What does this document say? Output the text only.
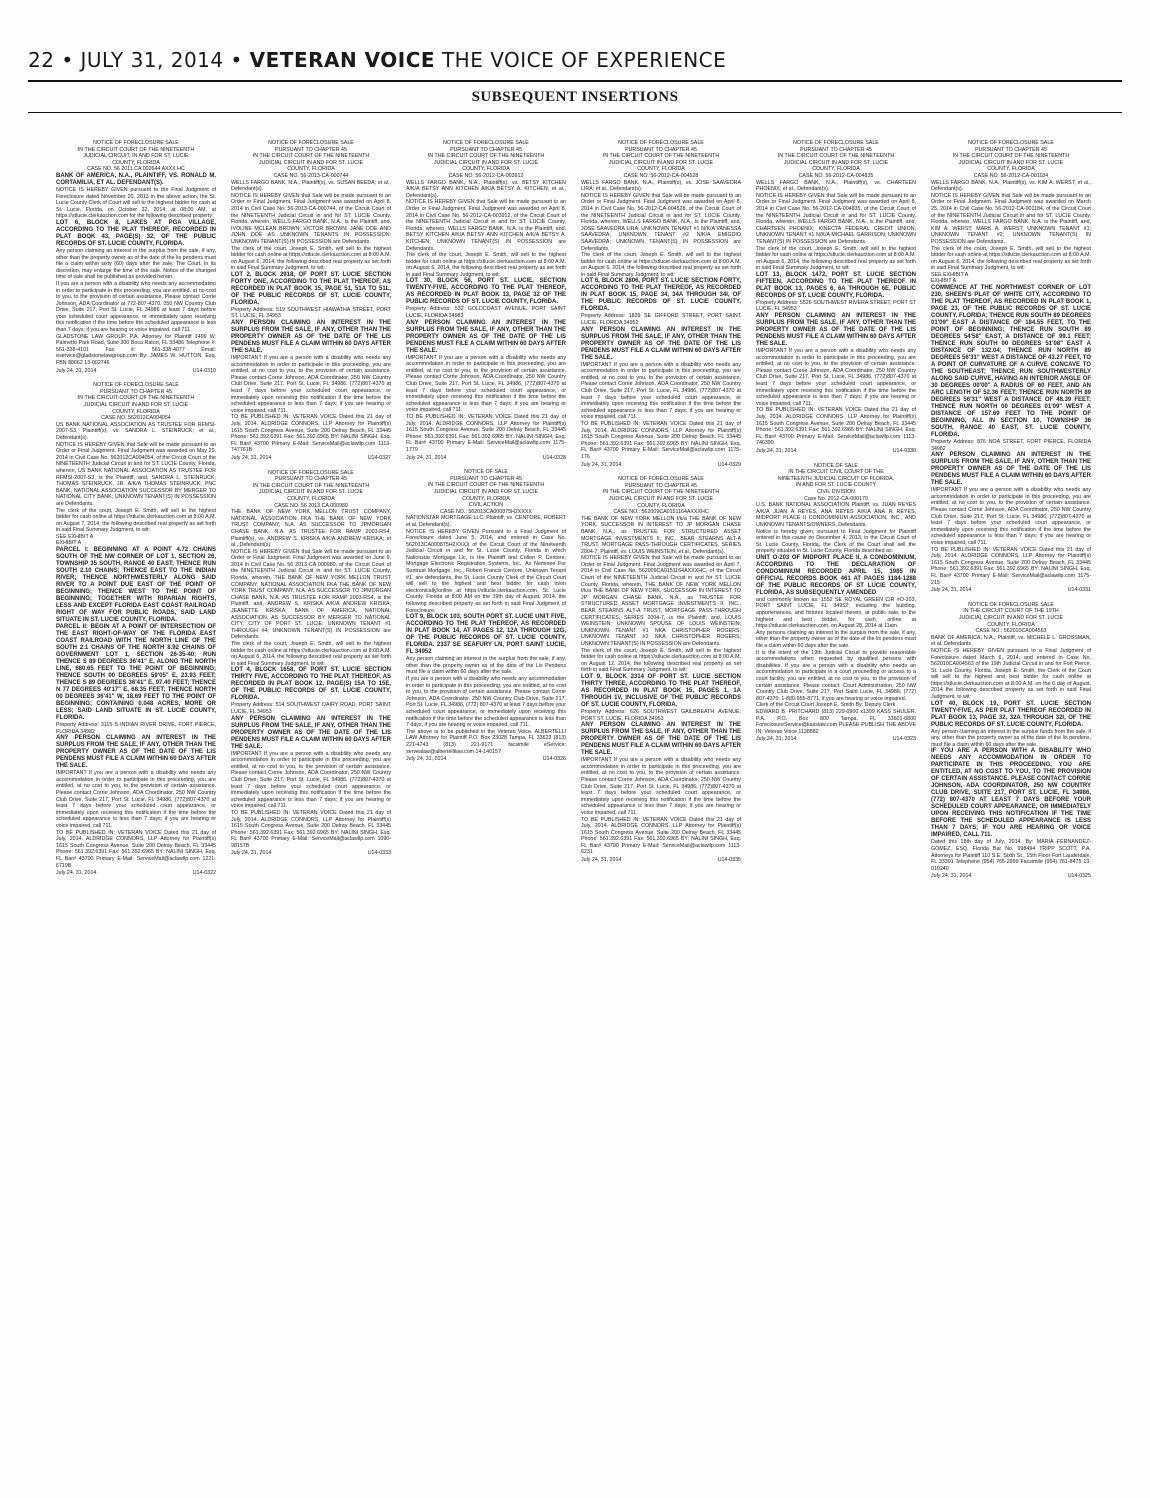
22 • JULY 31, 2014 • VETERAN VOICE THE VOICE OF EXPERIENCE
SUBSEQUENT INSERTIONS
NOTICE OF FORECLOSURE SALE
IN THE CIRCUIT COURT OF THE NINETEENTH
JUDICIAL CIRCUIT, IN AND FOR ST. LUCIE
COUNTY, FLORIDA
CASE NO. 56 2011 CA 002644 AXXX HC

BANK OF AMERICA, N.A., PLAINTIFF, VS. RONALD M. CORTAMILIA, ET AL. DEFENDANT(S).

NOTICE IS HEREBY GIVEN pursuant to the Final Judgment of Foreclosure dated November 20, 2013 in the above action, the St. Lucie County Clerk of Court will sell to the highest bidder for cash at St. Lucie, Florida, on October 22, 2014, at 08:00 AM, at https://stlucie.clerkauction.com for the following described property:

LOT 6, BLOCK 8, LAKES AT PGA VILLAGE, ACCORDING TO THE PLAT THEREOF, RECORDED IN PLAT BOOK 43, PAGE(S) 32, OF THE PUBLIC RECORDS OF ST. LUCIE COUNTY, FLORIDA.

Any person claiming an interest in the surplus from the sale, if any, other than the property owner as of the date of the lis pendens must file a claim within sixty (60) days after the sale. The Court, in its discretion, may enlarge the time of the sale. Notice of the changed time of sale shall be published as provided herein.

If you are a person with a disability who needs any accommodation in order to participate in this proceeding, you are entitled, at no cost to you, to the provision of certain assistance. Please contact Corrie Johnson, ADA Coordinator at 772-807-4370, 250 NW Country Club Drive, Suite 217, Port St. Lucie, FL 34986 at least 7 days before your scheduled court appearance, or immediately upon receiving this notification if the time before the scheduled appearance is less than 7 days; if you are hearing or voice impaired, call 711.

GLADSTONE LAW GROUP, P.A. Attorney for Plaintiff 1499 W. Palmetto Park Road, Suite 300 Boca Raton, FL 33486 Telephone #: 561-338-4101 Fax #: 561-338-4077 Email: eservice@gladstonelawgroup.com By: JAMES W. HUTTON, Esq. FBN 88662 13-002746

July 24, 31, 2014	U14-0310
NOTICE OF FORECLOSURE SALE
PURSUANT TO CHAPTER 45
IN THE CIRCUIT COURT OF THE NINETEENTH
JUDICIAL CIRCUIT IN AND FOR ST. LUCIE
COUNTY, FLORIDA
CASE NO. 562012CA004054

US BANK NATIONAL ASSOCIATION AS TRUSTEE FOR RFMSI-2007-S3, Plaintiff(s), vs. SANDRA L. STEINRUCK; et al., Defendant(s).

NOTICE IS HEREBY GIVEN that Sale will be made pursuant to an Order or Final Judgment. Final Judgment was awarded on May 29, 2014 in Civil Case No. 562012CA004054, of the Circuit Court of the NINETEENTH Judicial Circuit in and for ST. LUCIE County, Florida, wherein, US BANK NATIONAL ASSOCIATION AS TRUSTEE FOR RFMSI-2007-S3, is the Plaintiff, and, SANDRA L. STEINRUCK; THOMAS STEINRUCK, JR. A/K/A THOMAS STEINRUCK; PNC BANK, NATIONAL ASSOCIATION SUCCESSOR BY MERGER TO NATIONAL CITY BANK; UNKNOWN TENANT(S) IN POSSESSION are Defendants.

The clerk of the court, Joseph E. Smith, will sell to the highest bidder for cash online at https://stlucie.clerkauction.com at 8:00 A.M. on August 7, 2014, the following described real property as set forth in said Final Summary Judgment, to wit:

SEE EXHIBIT A

EXHIBIT A

PARCEL I: BEGINNING AT A POINT 4.72 CHAINS SOUTH OF THE NW CORNER OF LOT 1, SECTION 26, TOWNSHIP 35 SOUTH, RANGE 40 EAST; THENCE RUN SOUTH 2.10 CHAINS; THENCE EAST TO THE INDIAN RIVER; THENCE NORTHWESTERLY ALONG SAID RIVER TO A POINT DUE EAST OF THE POINT OF BEGINNING; THENCE WEST TO THE POINT OF BEGINNING; TOGETHER WITH RIPARIAN RIGHTS, LESS AND EXCEPT FLORIDA EAST COAST RAILROAD RIGHT OF WAY FOR PUBLIC ROADS, SAID LAND SITUATE IN ST. LUCIE COUNTY, FLORIDA.

PARCEL II: BEGIN AT A POINT OF INTERSECTION OF THE EAST RIGHT-OF-WAY OF THE FLORIDA EAST COAST RAILROAD WITH THE NORTH LINE OF THE SOUTH 2.1 CHAINS OF THE NORTH 8.92 CHAINS OF GOVERNMENT LOT 1, SECTION 26-35-40; RUN THENCE S 89 DEGREES 36'41" E, ALONG THE NORTH LINE, 680.65 FEET TO THE POINT OF BEGINNING; THENCE SOUTH 00 DEGREES 59'05" E, 23.93 FEET; THENCE S 89 DEGREES 36'41" E, 97.40 FEET; THENCE N 77 DEGREES 40'17" E, 68.35 FEET; THENCE NORTH 00 DEGREES 36'41" W, 18.69 FEET TO THE POINT OF BEGINNING; CONTAINING 0.048 ACRES, MORE OR LESS; SAID LAND SITUATE IN ST. LUCIE COUNTY, FLORIDA.

Property Address: 3115 S INDIAN RIVER DRIVE, FORT PIERCE, FLORIDA 34982

ANY PERSON CLAIMING AN INTEREST IN THE SURPLUS FROM THE SALE, IF ANY, OTHER THAN THE PROPERTY OWNER AS OF THE DATE OF THE LIS PENDENS MUST FILE A CLAIM WITHIN 60 DAYS AFTER THE SALE.

IMPORTANT If you are a person with a disability who needs any accommodation in order to participate in this proceeding, you are entitled, at no cost to you, to the provision of certain assistance. Please contact Corrie Johnson, ADA Coordinator, 250 NW Country Club Drive, Suite 217, Port St. Lucie, FL 34986, (772)807-4370 at least 7 days before your scheduled court appearance, or immediately upon receiving this notification if the time before the scheduled appearance is less than 7 days; if you are hearing or voice impaired, call 711.

TO BE PUBLISHED IN: VETERAN VOICE Dated this 21 day of July, 2014. ALDRIDGE CONNORS, LLP Attorney for Plaintiff(s) 1615 South Congress Avenue, Suite 200 Delray Beach, FL 33445 Phone: 561.392.6391 Fax: 561.392.6965 BY: NALINI SINGH, Esq. FL Bar# 43700 Primary E-Mail: ServiceMail@aclawllp.com 1221-6719B

July 24, 31, 2014	U14-0322
NOTICE OF FORECLOSURE SALE
PURSUANT TO CHAPTER 45
IN THE CIRCUIT COURT OF THE NINETEENTH
JUDICIAL CIRCUIT IN AND FOR ST. LUCIE
COUNTY, FLORIDA
CASE NO. 56-2013-CA-000744

WELLS FARGO BANK, N.A., Plaintiff(s), vs. SUSAN BEEDA; et al., Defendant(s).

NOTICE IS HEREBY GIVEN that Sale will be made pursuant to an Order or Final Judgment. Final Judgment was awarded on April 8, 2014 in Civil Case No. 56-2013-CA-000744, of the Circuit Court of the NINETEENTH Judicial Circuit in and for ST. LUCIE County, Florida, wherein, WELLS FARGO BANK, N.A., is the Plaintiff, and, IVOLINE MCLEAN BROWN; VICTOR BROWN; JANE DOE AND JOHN DOE AS UNKNOWN TENANTS IN POSSESSION; UNKNOWN TENANT(S) IN POSSESSION are Defendants.

The clerk of the court, Joseph E. Smith, will sell to the highest bidder for cash online at https://stlucie.clerkauction.com at 8:00 A.M. on August 6, 2014, the following described real property as set forth in said Final Summary Judgment, to wit:

LOT 2, BLOCK 2918, OF PORT ST. LUCIE SECTION FORTY ONE, ACCORDING TO THE PLAT THEREOF, AS RECORDED IN PLAT BOOK 15, PAGE 51, 51A TO 51L, OF THE PUBLIC RECORDS OF ST. LUCIE COUNTY, FLORIDA.

Property Address: 519 SOUTHWEST HIAWATHA STREET, PORT ST. LUCIE, FL 34953

ANY PERSON CLAIMING AN INTEREST IN THE SURPLUS FROM THE SALE, IF ANY, OTHER THAN THE PROPERTY OWNER AS OF THE DATE OF THE LIS PENDENS MUST FILE A CLAIM WITHIN 60 DAYS AFTER THE SALE.

IMPORTANT If you are a person with a disability who needs any accommodation in order to participate in this proceeding, you are entitled, at no cost to you, to the provision of certain assistance. Please contact Corrie Johnson, ADA Coordinator, 250 NW Country Club Drive, Suite 217, Port St. Lucie, FL 34986, (772)807-4370 at least 7 days before your scheduled court appearance, or immediately upon receiving this notification if the time before the scheduled appearance is less than 7 days; if you are hearing or voice impaired, call 711.

TO BE PUBLISHED IN: VETERAN VOICE Dated this 21 day of July, 2014. ALDRIDGE CONNORS, LLP Attorney for Plaintiff(s) 1615 South Congress Avenue, Suite 200 Delray Beach, FL 33445 Phone: 561.392.6391 Fax: 561.392.6965 BY: NALINI SINGH, Esq. FL Bar# 43700 Primary E-Mail: ServiceMail@aclawllp.com 1113-747761B

July 24, 31, 2014	U14-0327
NOTICE OF FORECLOSURE SALE
PURSUANT TO CHAPTER 45
IN THE CIRCUIT COURT OF THE NINETEENTH
JUDICIAL CIRCUIT IN AND FOR ST. LUCIE
COUNTY, FLORIDA
CASE NO. 56 2013 CA 000980

THE BANK OF NEW YORK MELLON TRUST COMPANY, NATIONAL ASSOCIATION FKA THE BANK OF NEW YORK TRUST COMPANY, N.A. AS SUCCESSOR TO JPMORGAN CHASE BANK, N.A. AS TRUSTEE FOR RAMP 2003-RS4, Plaintiff(s), vs. ANDREW S. KRISKA A/K/A ANDREW KRISKA; et al., Defendant(s).

NOTICE IS HEREBY GIVEN that Sale will be made pursuant to an Order or Final Judgment. Final Judgment was awarded on June 9, 2014 in Civil Case No. 56 2013 CA 000980, of the Circuit Court of the NINETEENTH Judicial Circuit in and for ST. LUCIE County, Florida, wherein, THE BANK OF NEW YORK MELLON TRUST COMPANY, NATIONAL ASSOCIATION FKA THE BANK OF NEW YORK TRUST COMPANY, N.A. AS SUCCESSOR TO JPMORGAN CHASE BANK, N.A. AS TRUSTEE FOR RAMP 2003-RS4, is the Plaintiff, and, ANDREW S. KRISKA A/K/A ANDREW KRISKA; JEANETTE KRISKA; BANK OF AMERICA, NATIONAL ASSOCIATION, AS SUCCESSOR BY MERGER TO NATIONAL CITY; CITY OF PORT ST. LUCIE; UNKNOWN TENANT #1 THROUGH #4; UNKNOWN TENANT(S) IN POSSESSION are Defendants.

The clerk of the court, Joseph E. Smith, will sell to the highest bidder for cash online at https://stlucie.clerkauction.com at 8:00 A.M. on August 6, 2014, the following described real property as set forth in said Final Summary Judgment, to wit:

LOT 4, BLOCK 1658, OF PORT ST. LUCIE SECTION THIRTY FIVE, ACCORDING TO THE PLAT THEREOF, AS RECORDED IN PLAT BOOK 12, PAGE(S) 15A TO 15E, OF THE PUBLIC RECORDS OF ST. LUCIE COUNTY, FLORIDA.

Property Address: 514 SOUTHWEST DAIRY ROAD, PORT SAINT LUCIE, FL 34953

ANY PERSON CLAIMING AN INTEREST IN THE SURPLUS FROM THE SALE, IF ANY, OTHER THAN THE PROPERTY OWNER AS OF THE DATE OF THE LIS PENDENS MUST FILE A CLAIM WITHIN 60 DAYS AFTER THE SALE.

IMPORTANT If you are a person with a disability who needs any accommodation in order to participate in this proceeding, you are entitled, at no cost to you, to the provision of certain assistance. Please contact Corrie Johnson, ADA Coordinator, 250 NW Country Club Drive, Suite 217, Port St. Lucie, FL 34986, (772)807-4370 at least 7 days before your scheduled court appearance, or immediately upon receiving this notification if the time before the scheduled appearance is less than 7 days; if you are hearing or voice impaired, call 711.

TO BE PUBLISHED IN: VETERAN VOICE Dated this 21 day of July, 2014. ALDRIDGE CONNORS, LLP Attorney for Plaintiff(s) 1615 South Congress Avenue, Suite 200 Delray Beach, FL 33445 Phone: 561.392.6391 Fax: 561.392.6965 BY: NALINI SINGH, Esq. FL Bar# 43700 Primary E-Mail: ServiceMail@aclawllp.com 1090-98157B

July 24, 31, 2014	U14-0333
NOTICE OF FORECLOSURE SALE
PURSUANT TO CHAPTER 45
IN THE CIRCUIT COURT OF THE NINETEENTH
JUDICIAL CIRCUIT IN AND FOR ST. LUCIE
COUNTY, FLORIDA
CASE NO. 56-2012-CA-003912

WELLS FARGO BANK, N.A., Plaintiff(s), vs. BETSY KITCHEN A/K/A BETSY ANN KITCHEN A/K/A BETSY A. KITCHEN; et al., Defendant(s).

NOTICE IS HEREBY GIVEN that Sale will be made pursuant to an Order or Final Judgment. Final Judgment was awarded on April 8, 2014 in Civil Case No. 56-2012-CA-003912, of the Circuit Court of the NINETEENTH Judicial Circuit in and for ST. LUCIE County, Florida, wherein, WELLS FARGO BANK, N.A. is the Plaintiff, and, BETSY KITCHEN A/K/A BETSY ANN KITCHEN A/K/A BETSY A. KITCHEN; UNKNOWN TENANT(S) IN POSSESSION are Defendants.

The clerk of the court, Joseph E. Smith, will sell to the highest bidder for cash online at https://stlucie.clerkauction.com at 8:00 A.M. on August 6, 2014, the following described real property as set forth in said Final Summary Judgment, to wit:

LOT 30, BLOCK 56, PORT ST. LUCIE, SECTION TWENTY-FIVE, ACCORDING TO THE PLAT THEREOF, AS RECORDED IN PLAT BOOK 13, PAGE 32 OF THE PUBLIC RECORDS OF ST. LUCIE COUNTY, FLORIDA.

Property Address: 532 GOLDCOAST AVENUE, PORT SAINT LUCIE, FLORIDA 34983

ANY PERSON CLAIMING AN INTEREST IN THE SURPLUS FROM THE SALE, IF ANY, OTHER THAN THE PROPERTY OWNER AS OF THE DATE OF THE LIS PENDENS MUST FILE A CLAIM WITHIN 60 DAYS AFTER THE SALE.

IMPORTANT If you are a person with a disability who needs any accommodation in order to participate in this proceeding, you are entitled, at no cost to you, to the provision of certain assistance. Please contact Corrie Johnson, ADA Coordinator, 250 NW Country Club Drive, Suite 217, Port St. Lucie, FL 34986, (772)807-4370 at least 7 days before your scheduled court appearance, or immediately upon receiving this notification if the time before the scheduled appearance is less than 7 days; if you are hearing or voice impaired, call 711.

TO BE PUBLISHED IN: VETERAN VOICE Dated this 21 day of July, 2014. ALDRIDGE CONNORS, LLP Attorney for Plaintiff(s) 1615 South Congress Avenue, Suite 200 Delray Beach, FL 33445 Phone: 561.392.6391 Fax: 561.392.6965 BY: NALINI SINGH, Esq. FL Bar# 43700 Primary E-Mail: ServiceMail@aclawllp.com 1175-1779

July 24, 31, 2014	U14-0328
NOTICE OF SALE
PURSUANT TO CHAPTER 45
IN THE CIRCUIT COURT OF THE NINETEENTH
JUDICIAL CIRCUIT IN AND FOR ST. LUCIE
COUNTY, FLORIDA
CIVIL ACTION
CASE NO.: 562013CA000875H2XXXX

NATIONSTAR MORTGAGE LLC, Plaintiff, vs. CENTORE, ROBERT et al, Defendant(s).

NOTICE IS HEREBY GIVEN Pursuant to a Final Judgment of Foreclosure dated June 5, 2014, and entered in Case No. 562013CA000875H2XXXX of the Circuit Court of the Nineteenth Judicial Circuit in and for St. Lucie County, Florida in which Nationstar Mortgage Llc, is the Plaintiff and Collen P. Centore, Mortgage Electronic Registration Systems, Inc., As Nominee For Suntrust Mortgage, Inc., Robert Francis Centore, Unknown Tenant #1, are defendants, the St. Lucie County Clerk of the Circuit Court will sell to the highest and best bidder for cash in/on electronically/online at https://stlucie.clerkauction.com, St. Lucie County, Florida at 8:00 AM on the 19th day of August, 2014, the following described property as set forth in said Final Judgment of Foreclosure:

LOT 9, BLOCK 103, SOUTH PORT ST. LUCIE UNIT FIVE, ACCORDING TO THE PLAT THEREOF, AS RECORDED IN PLAT BOOK 14, AT PAGES 12, 12A THROUGH 12G, OF THE PUBLIC RECORDS OF ST. LUCIE COUNTY, FLORIDA. 2337 SE SEAFURY LN, PORT SAINT LUCIE, FL 34952

Any person claiming an interest in the surplus from the sale, if any, other than the property owner as of the date of the Lis Pendens must file a claim within 60 days after the sale.

If you are a person with a disability who needs any accommodation in order to participate in this proceeding, you are entitled, at no cost to you, to the provision of certain assistance. Please contact Corrie Johnson, ADA Coordinator, 250 NW Country Club Drive, Suite 217, Port St. Lucie, FL 34986, (772) 807-4370 at least 7 days before your scheduled court appearance, or immediately upon receiving this notification if the time before the scheduled appearance is less than 7 days; if you are hearing or voice impaired, call 711.

The above is to be published in the Veteran Voice. ALBERTELLI LAW Attorney for Plaintiff P.O. Box 23028 Tampa, FL 33623 (813) 221-4743 (813) 221-9171 facsimile eService: servealaw@albertellilaw.com 14-140157

July 24, 31, 2014	U14-0326
NOTICE OF FORECLOSURE SALE
PURSUANT TO CHAPTER 45
IN THE CIRCUIT COURT OF THE NINETEENTH
JUDICIAL CIRCUIT IN AND FOR ST. LUCIE
COUNTY, FLORIDA
CASE NO. 56-2012-CA-004528

WELLS FARGO BANK, N.A., Plaintiff(s), vs. JOSE SAAVEDRA LIRA; et al., Defendant(s).

NOTICE IS HEREBY GIVEN that Sale will be made pursuant to an Order or Final Judgment. Final Judgment was awarded on April 8, 2014 in Civil Case No. 56-2012-CA-004528, of the Circuit Court of the NINETEENTH Judicial Circuit in and for ST. LUCIE County, Florida, wherein, WELLS FARGO BANK, N.A., is the Plaintiff, and, JOSE SAAVEDRA LIRA; UNKNOWN TENANT #1 N/K/A VANESSA SAAVEDRA; UNKNOWN TENANT #2 N/K/A EMIGDIO SAAVEDRA; UNKNOWN TENANT(S) IN POSSESSION are Defendants.

The clerk of the court, Joseph E. Smith, will sell to the highest bidder for cash online at https://stlucie.clerkauction.com at 8:00 A.M. on August 6, 2014, the following described real property as set forth in said Final Summary Judgment, to wit:

LOT 6, BLOCK 2806, PORT ST. LUCIE SECTION FORTY, ACCORDING TO THE PLAT THEREOF, AS RECORDED IN PLAT BOOK 15, PAGE 34, 34A THROUGH 34I, OF THE PUBLIC RECORDS OF ST. LUCIE COUNTY, FLORIDA.

Property Address: 1829 SE GIFFORD STREET, PORT SAINT LUCIE, FLORIDA 34952

ANY PERSON CLAIMING AN INTEREST IN THE SURPLUS FROM THE SALE, IF ANY, OTHER THAN THE PROPERTY OWNER AS OF THE DATE OF THE LIS PENDENS MUST FILE A CLAIM WITHIN 60 DAYS AFTER THE SALE.

IMPORTANT If you are a person with a disability who needs any accommodation in order to participate in this proceeding, you are entitled, at no cost to you, to the provision of certain assistance. Please contact Corrie Johnson, ADA Coordinator, 250 NW Country Club Drive, Suite 217, Port St. Lucie, FL 34986, (772)807-4370 at least 7 days before your scheduled court appearance, or immediately upon receiving this notification if the time before the scheduled appearance is less than 7 days; if you are hearing or voice impaired, call 711.

TO BE PUBLISHED IN: VETERAN VOICE Dated this 21 day of July, 2014. ALDRIDGE CONNORS, LLP Attorney for Plaintiff(s) 1615 South Congress Avenue, Suite 200 Delray Beach, FL 33445 Phone: 561.392.6391 Fax: 561.392.6965 BY: NALINI SINGH, Esq. FL Bar# 43700 Primary E-Mail: ServiceMail@aclawllp.com 1175-176

July 24, 31, 2014	U14-0329
NOTICE OF FORECLOSURE SALE
PURSUANT TO CHAPTER 45
IN THE CIRCUIT COURT OF THE NINETEENTH
JUDICIAL CIRCUIT IN AND FOR ST. LUCIE
COUNTY, FLORIDA
CASE NO.: 562009CA0151164AXXXHC

THE BANK OF NEW YORK MELLON f/k/a THE BANK OF NEW YORK, SUCCESSOR IN INTEREST TO JP MORGAN CHASE BANK, N.A., as TRUSTEE FOR STRUCTURED ASSET MORTGAGE INVESTMENTS II, INC., BEAR STEARNS ALT-A TRUST, MORTGAGE PASS-THROUGH CERTIFICATES, SERIES 2004-7, Plaintiff, vs. LOUIS WEINSTEIN; et al., Defendant(s).

NOTICE IS HEREBY GIVEN that Sale will be made pursuant to an Order or Final Judgment. Final Judgment was awarded on April 7, 2014 in Civil Case No. 562009CA0151164AXXXHC, of the Circuit Court of the NINETEENTH Judicial Circuit in and for ST. LUCIE County, Florida, wherein, THE BANK OF NEW YORK MELLON f/k/a THE BANK OF NEW YORK, SUCCESSOR IN INTEREST TO JP MORGAN CHASE BANK, N.A., as TRUSTEE FOR STRUCTURED ASSET MORTGAGE INVESTMENTS II, INC., BEAR STEARNS ALT-A TRUST, MORTGAGE PASS-THROUGH CERTIFICATES, SERIES 2004-7, is the Plaintiff, and, LOUIS WEINSTEIN; UNKNOWN SPOUSE OF LOUIS WEINSTEIN; UNKNOWN TENANT #1 NKA CHRISTOPHER ROGERS; UNKNOWN TENANT #2 NKA CHRISTOPHER ROGERS; UNKNOWN TENANT(S) IN POSSESSION are Defendants.

The clerk of the court, Joseph E. Smith, will sell to the highest bidder for cash online at https://stlucie.clerkauction.com at 8:00 A.M. on August 12, 2014, the following described real property as set forth in said Final Summary Judgment, to wit:

LOT 9, BLOCK 2314 OF PORT ST. LUCIE SECTION THIRTY THREE, ACCORDING TO THE PLAT THEREOF, AS RECORDED IN PLAT BOOK 15, PAGES 1, 1A THROUGH 1V, INCLUSIVE OF THE PUBLIC RECORDS OF ST. LUCIE COUNTY, FLORIDA.

Property Address: 626 SOUTHWEST GAILBREATH AVENUE, PORT ST. LUCIE, FLORIDA 34953

ANY PERSON CLAIMING AN INTEREST IN THE SURPLUS FROM THE SALE, IF ANY, OTHER THAN THE PROPERTY OWNER AS OF THE DATE OF THE LIS PENDENS MUST FILE A CLAIM WITHIN 60 DAYS AFTER THE SALE.

IMPORTANT If you are a person with a disability who needs any accommodation in order to participate in this proceeding, you are entitled, at no cost to you, to the provision of certain assistance. Please contact Corrie Johnson, ADA Coordinator, 250 NW Country Club Drive, Suite 217, Port St. Lucie, FL 34986, (772)807-4370 at least 7 days before your scheduled court appearance, or immediately upon receiving this notification if the time before the scheduled appearance is less than 7 days; if you are hearing or voice impaired, call 711.

TO BE PUBLISHED IN: VETERAN VOICE Dated this 21 day of July, 2014. ALDRIDGE CONNORS, LLP Attorney for Plaintiff(s) 1615 South Congress Avenue, Suite 200 Delray Beach, FL 33445 Phone: 561.392.6391 Fax: 561.392.6965 BY: NALINI SINGH, Esq. FL Bar# 43700 Primary E-Mail: ServiceMail@aclawllp.com 1113-6231

July 24, 31, 2014	U14-0335
NOTICE OF FORECLOSURE SALE
PURSUANT TO CHAPTER 45
IN THE CIRCUIT COURT OF THE NINETEENTH
JUDICIAL CIRCUIT IN AND FOR ST. LUCIE
COUNTY, FLORIDA
CASE NO. 56-2012-CA-004835

WELLS FARGO BANK, N.A., Plaintiff(s), vs. CHARTEEN PHOENIX; et al., Defendant(s).

NOTICE IS HEREBY GIVEN that Sale will be made pursuant to an Order or Final Judgment. Final Judgment was awarded on April 8, 2014 in Civil Case No. 56-2012-CA-004835, of the Circuit Court of the NINETEENTH Judicial Circuit in and for ST. LUCIE County, Florida, wherein, WELLS FARGO BANK, N.A., is the Plaintiff, and, CHARTEEN PHOENIX; KINECTA FEDERAL CREDIT UNION; UNKNOWN TENANT #1 N/K/A MICHAEL GARRISON; UNKNOWN TENANT(S) IN POSSESSION are Defendants.

The clerk of the court, Joseph E. Smith, will sell to the highest bidder for cash online at https://stlucie.clerkauction.com at 8:00 A.M. on August 6, 2014, the following described real property as set forth in said Final Summary Judgment, to wit:

LOT 13, BLOCK 1472, PORT ST. LUCIE SECTION FIFTEEN, ACCORDING TO THE PLAT THEREOF IN PLAT BOOK 13, PAGES 6, 6A THROUGH 6E, PUBLIC RECORDS OF ST. LUCIE COUNTY, FLORIDA.

Property Address: 5526 SOUTHWEST RIVERA STREET, PORT ST LUCIE, FL 34953

ANY PERSON CLAIMING AN INTEREST IN THE SURPLUS FROM THE SALE, IF ANY, OTHER THAN THE PROPERTY OWNER AS OF THE DATE OF THE LIS PENDENS MUST FILE A CLAIM WITHIN 60 DAYS AFTER THE SALE.

IMPORTANT If you are a person with a disability who needs any accommodation in order to participate in this proceeding, you are entitled, at no cost to you, to the provision of certain assistance. Please contact Corrie Johnson, ADA Coordinator, 250 NW Country Club Drive, Suite 217, Port St. Lucie, FL 34986, (772)807-4370 at least 7 days before your scheduled court appearance, or immediately upon receiving this notification if the time before the scheduled appearance is less than 7 days; if you are hearing or voice impaired, call 711.

TO BE PUBLISHED IN: VETERAN VOICE Dated this 21 day of July, 2014. ALDRIDGE CONNORS, LLP Attorney for Plaintiff(s) 1615 South Congress Avenue, Suite 200 Delray Beach, FL 33445 Phone: 561.392.6391 Fax: 561.392.6965 BY: NALINI SINGH, Esq. FL Bar# 43700 Primary E-Mail: ServiceMail@aclawllp.com 1113-746390

July 24, 31, 2014	U14-0330
NOTICE OF SALE
IN THE CIRCUIT CIVIL COURT OF THE
NINETEENTH JUDICIAL CIRCUIT OF FLORIDA,
IN AND FOR ST. LUCIE COUNTY
CIVIL DIVISION
Case No. 2012-CA-000170

U.S. BANK NATIONAL ASSOCIATION Plaintiff, vs. JUAN REYES A/K/A JUAN A REYES, ANA REYES A/K/A ANA R REYES, MIDPORT PLACE II CONDOMINIUM ASSOCIATION, INC., AND UNKNOWN TENANTS/OWNERS, Defendants.

Notice is hereby given, pursuant to Final Judgment for Plaintiff entered in this cause on December 4, 2013, in the Circuit Court of St. Lucie County, Florida, the Clerk of the Court shall sell the property situated in St. Lucie County, Florida described as:

UNIT O-203 OF MIDPORT PLACE II, A CONDOMINIUM, ACCORDING TO THE DECLARATION OF CONDOMINIUM RECORDED APRIL 15, 1985 IN OFFICIAL RECORDS BOOK 461 AT PAGES 1184-1288 OF THE PUBLIC RECORDS OF ST LUCIE COUNTY, FLORIDA, AS SUBSEQUENTLY AMENDED

and commonly known as: 1552 SE ROYAL GREEN CIR #O-203, PORT SAINT LUCIE, FL 34952; including the building, appurtenances, and fixtures located therein, at public sale, to the highest and best bidder, for cash, online at https://stlucie.clerkauction.com, on August 28, 2014 at 11am.

Any persons claiming an interest in the surplus from the sale, if any, other than the property owner as of the date of the lis pendens must file a claim within 60 days after the sale.

It is the intent of the 19th Judicial Circuit to provide reasonable accommodations when requested by qualified persons with disabilities. If you are a person with a disability who needs an accommodation to participate in a court proceeding or access to a court facility, you are entitled, at no cost to you, to the provision of certain assistance. Please contact: Court Administration, 250 NW Country Club Drive, Suite 217, Port Saint Lucie, FL 34986; (772) 807-4370; 1-800-955-8771, if you are hearing or voice impaired.

Clerk of the Circuit Court Joseph E. Smith By: Deputy Clerk

EDWARD B. PRITCHARD (813) 229-0900 x1309 KASS SHULER, P.A. P.O. Box 800 Tampa, FL 33601-0800 ForeclosureService@kasslaw.com PLEASE PUBLISH THE ABOVE IN: Veteran Voice 1128882

July 24, 31, 2014	U14-0323
NOTICE OF FORECLOSURE SALE
PURSUANT TO CHAPTER 45
IN THE CIRCUIT COURT OF THE NINETEENTH
JUDICIAL CIRCUIT IN AND FOR ST. LUCIE
COUNTY, FLORIDA
CASE NO. 56-2012-CA-001184

WELLS FARGO BANK, N.A., Plaintiff(s), vs. KIM A. WERST; et al., Defendant(s).

NOTICE IS HEREBY GIVEN that Sale will be made pursuant to an Order or Final Judgment. Final Judgment was awarded on March 25, 2014 in Civil Case No. 56-2012-CA-001184, of the Circuit Court of the NINETEENTH Judicial Circuit in and for ST. LUCIE County, Florida, wherein, WELLS FARGO BANK, N.A. is the Plaintiff, and, KIM A. WERST; MARK A. WERST; UNKNOWN TENANT #1; UNKNOWN TENANT #2; UNKNOWN TENANT(S) IN POSSESSION are Defendants.

The clerk of the court, Joseph E. Smith, will sell to the highest bidder for cash online at https://stlucie.clerkauction.com at 8:00 A.M. on August 6, 2014, the following described real property as set forth in said Final Summary Judgment, to wit:

SEE EXHIBIT A

EXHIBIT A

COMMENCE AT THE NORTHWEST CORNER OF LOT 230, SHEEN'S PLAT OF WHITE CITY, ACCORDING TO THE PLAT THEREOF, AS RECORDED IN PLAT BOOK 1, PAGE 23, OF THE PUBLIC RECORDS OF ST. LUCIE COUNTY, FLORIDA; THENCE RUN SOUTH 89 DEGREES 01'09" EAST A DISTANCE OF 184.55 FEET, TO THE POINT OF BEGINNING; THENCE RUN SOUTH 89 DEGREES 54'58" EAST, A DISTANCE OF 99.1 FEET; THENCE RUN SOUTH 00 DEGREES 51'08" EAST A DISTANCE OF 132.04; THENCE RUN NORTH 89 DEGREES 56'31" WEST A DISTANCE OF 43.27 FEET, TO A POINT OF CURVATURE OF A CURVE CONCAVE TO THE SOUTHEAST; THENCE RUN SOUTHWESTERLY ALONG SAID CURVE, HAVING AN INTERIOR ANGLE OF 30 DEGREES 00'00" A RADIUS OF 60 FEET, AND AN ARC LENGTH OF 52.36 FEET; THENCE RUN NORTH 89 DEGREES 56'31" WEST A DISTANCE OF 48.39 FEET; THENCE RUN NORTH 00 DEGREES 01'09" WEST A DISTANCE OF 157.69 FEET TO THE POINT OF BEGINNING, ALL IN SECTION 10, TOWNSHIP 36 SOUTH, RANGE 40 EAST, ST. LUCIE COUNTY, FLORIDA.

Property Address: 876 NOA STREET, FORT PIERCE, FLORIDA 34982

ANY PERSON CLAIMING AN INTEREST IN THE SURPLUS FROM THE SALE, IF ANY, OTHER THAN THE PROPERTY OWNER AS OF THE DATE OF THE LIS PENDENS MUST FILE A CLAIM WITHIN 60 DAYS AFTER THE SALE.

IMPORTANT If you are a person with a disability who needs any accommodation in order to participate in this proceeding, you are entitled, at no cost to you, to the provision of certain assistance. Please contact Corrie Johnson, ADA Coordinator, 250 NW Country Club Drive, Suite 217, Port St. Lucie, FL 34986, (772)807-4370 at least 7 days before your scheduled court appearance, or immediately upon receiving this notification if the time before the scheduled appearance is less than 7 days; if you are hearing or voice impaired, call 711.

TO BE PUBLISHED IN: VETERAN VOICE Dated this 21 day of July, 2014. ALDRIDGE CONNORS, LLP Attorney for Plaintiff(s) 1615 South Congress Avenue, Suite 200 Delray Beach, FL 33445 Phone: 561.392.6391 Fax: 561.392.6965 BY: NALINI SINGH, Esq. FL Bar# 43700 Primary E-Mail: ServiceMail@aclawllp.com 1175-215

July 24, 31, 2014	U14-0331
NOTICE OF FORECLOSURE SALE
IN THE CIRCUIT COURT OF THE 19TH
JUDICIAL CIRCUIT IN AND FOR ST. LUCIE
COUNTY, FLORIDA
CASE NO.: 562010CA004563

BANK OF AMERICA, N.A., Plaintiff, vs. MICHELE L. GROSSMAN, et al. Defendants

NOTICE IS HEREBY GIVEN pursuant to a Final Judgment of Foreclosure dated March 6, 2014, and entered in Case No. 562010CA004563 of the 19th Judicial Circuit in and for Fort Pierce, St. Lucie County, Florida, Joseph E. Smith, the Clerk of the Court will sell to the highest and best bidder for cash online at https://stlucie.clerkauction.com at 8:00 A.M. on the 6 day of August, 2014 the following described property as set forth in said Final Judgment, to wit:

LOT 40, BLOCK 19, PORT ST. LUCIE SECTION TWENTY-FIVE, AS PER PLAT THEREOF RECORDED IN PLAT BOOK 13, PAGE 32, 32A THROUGH 32I, OF THE PUBLIC RECORDS OF ST. LUCIE COUNTY, FLORIDA.

Any person claiming an interest in the surplus funds from the sale, if any, other than the property owner as of the date of the lis pendens, must file a claim within 60 days after the sale.

IF YOU ARE A PERSON WITH A DISABILITY WHO NEEDS ANY ACCOMMODATION IN ORDER TO PARTICIPATE IN THIS PROCEEDING, YOU ARE ENTITLED, AT NO COST TO YOU, TO THE PROVISION OF CERTAIN ASSISTANCE. PLEASE CONTACT CORRIE JOHNSON, ADA COORDINATOR, 250 NW COUNTRY CLUB DRIVE, SUITE 217, PORT ST. LUCIE, FL 34986, (772) 807-4370 AT LEAST 7 DAYS BEFORE YOUR SCHEDULED COURT APPEARANCE, OR IMMEDIATELY UPON RECEIVING THIS NOTIFICATION IF THE TIME BEFORE THE SCHEDULED APPEARANCE IS LESS THAN 7 DAYS; IF YOU ARE HEARING OR VOICE IMPAIRED, CALL 711.

Dated this 18th day of July, 2014. By: MARIA FERNANDEZ-GOMEZ, ESQ. Florida Bar No. 998494 TRIPP SCOTT, P.A. Attorneys for Plaintiff 110 S.E. Sixth St., 15th Floor Fort Lauderdale, FL 33301 Telephone (954) 765-2999 Facsimile (954) 761-8475 13-010240

July 24, 31, 2014	U14-0325
